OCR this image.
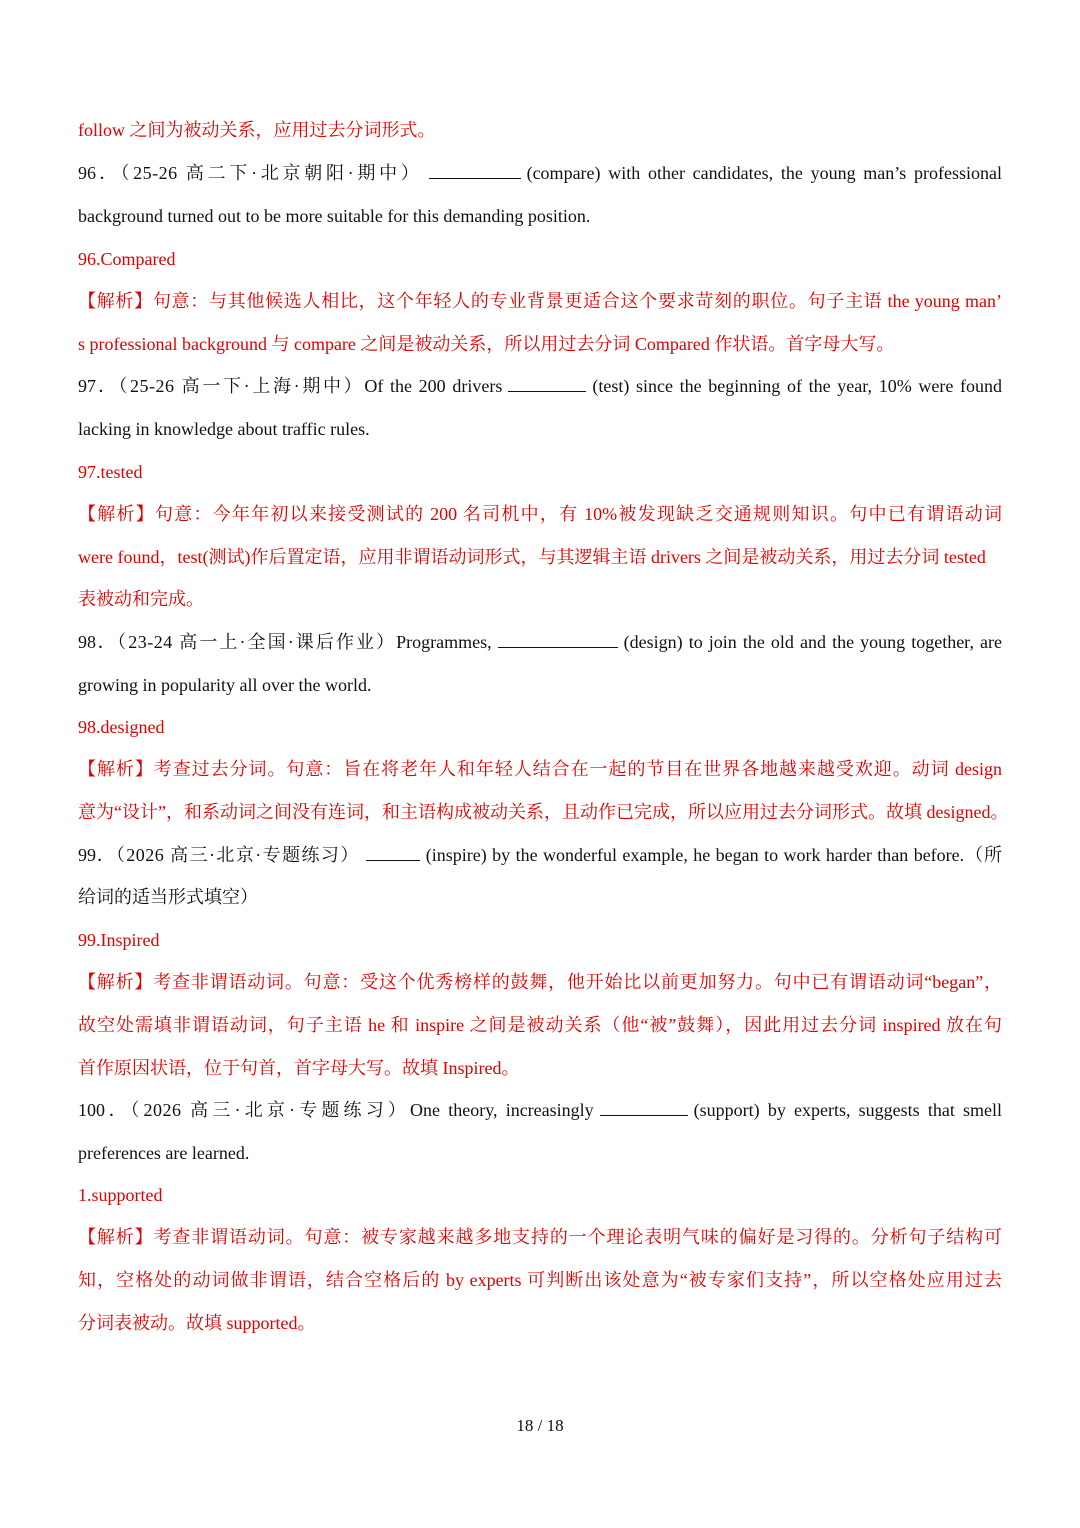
follow 之间为被动关系，应用过去分词形式。
96．（25-26 高二下·北京朝阳·期中）	(compare) with other candidates, the young man’s professional
background turned out to be more suitable for this demanding position.
96.Compared
【解析】句意：与其他候选人相比，这个年轻人的专业背景更适合这个要求苛刻的职位。句子主语 the young man’
s professional background 与 compare 之间是被动关系，所以用过去分词 Compared 作状语。首字母大写。
97．（25-26 高一下·上海·期中）Of the 200 drivers	(test) since the beginning of the year, 10% were found
lacking in knowledge about traffic rules.
97.tested
【解析】句意：今年年初以来接受测试的 200 名司机中，有 10%被发现缺乏交通规则知识。句中已有谓语动词
were found，test(测试)作后置定语，应用非谓语动词形式，与其逻辑主语 drivers 之间是被动关系，用过去分词 tested
表被动和完成。
98．（23-24 高一上·全国·课后作业）Programmes,	(design) to join the old and the young together, are
growing in popularity all over the world.
98.designed
【解析】考查过去分词。句意：旨在将老年人和年轻人结合在一起的节目在世界各地越来越受欢迎。动词 design
意为“设计”，和系动词之间没有连词，和主语构成被动关系，且动作已完成，所以应用过去分词形式。故填 designed。
99．（2026 高三·北京·专题练习）	(inspire) by the wonderful example, he began to work harder than before.（所
给词的适当形式填空）
99.Inspired
【解析】考查非谓语动词。句意：受这个优秀榜样的鼓舞，他开始比以前更加努力。句中已有谓语动词“began”，
故空处需填非谓语动词，句子主语 he 和 inspire 之间是被动关系（他“被”鼓舞），因此用过去分词 inspired 放在句
首作原因状语，位于句首，首字母大写。故填 Inspired。
100．（2026 高三·北京·专题练习）One theory, increasingly	(support) by experts, suggests that smell
preferences are learned.
1.supported
【解析】考查非谓语动词。句意：被专家越来越多地支持的一个理论表明气味的偏好是习得的。分析句子结构可
知，空格处的动词做非谓语，结合空格后的 by experts 可判断出该处意为“被专家们支持”，所以空格处应用过去
分词表被动。故填 supported。
18 / 18
